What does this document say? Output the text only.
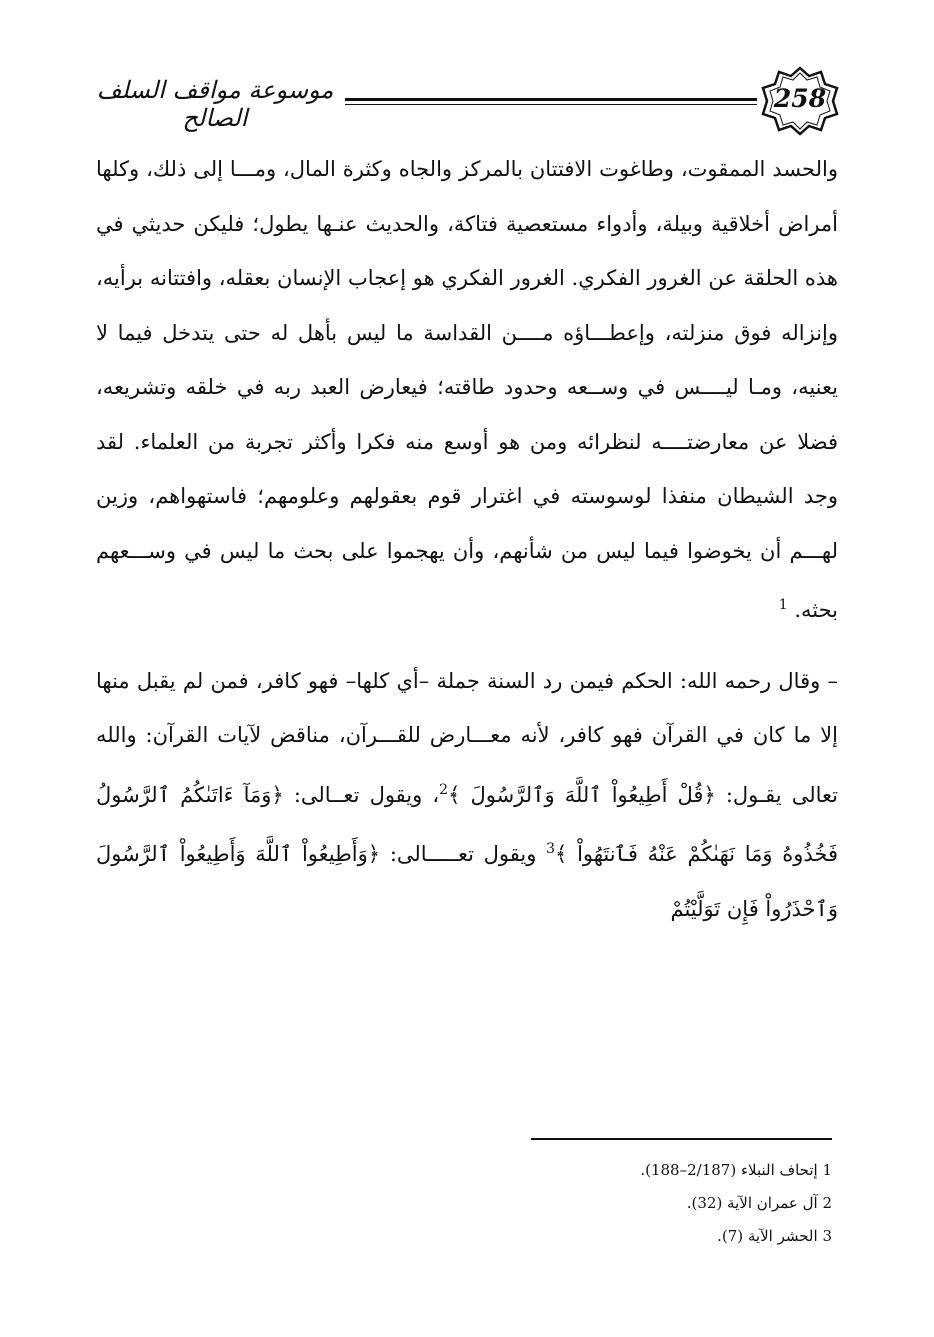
موسوعة مواقف السلف الصالح
258

والحسد الممقوت، وطاغوت الافتتان بالمركز والجاه وكثرة المال، ومـــا إلى ذلك، وكلها أمراض أخلاقية وبيلة، وأدواء مستعصية فتاكة، والحديث عنـها يطول؛ فليكن حديثي في هذه الحلقة عن الغرور الفكري. الغرور الفكري هو إعجاب الإنسان بعقله، وافتتانه برأيه، وإنزاله فوق منزلته، وإعطـــاؤه مــــن القداسة ما ليس بأهل له حتى يتدخل فيما لا يعنيه، ومـا ليــــس في وســعه وحدود طاقته؛ فيعارض العبد ربه في خلقه وتشريعه، فضلا عن معارضتــــه لنظرائه ومن هو أوسع منه فكرا وأكثر تجربة من العلماء. لقد وجد الشيطان منفذا لوسوسته في اغترار قوم بعقولهم وعلومهم؛ فاستهواهم، وزين لهـــم أن يخوضوا فيما ليس من شأنهم، وأن يهجموا على بحث ما ليس في وســـعهم بحثه. $^1$

– وقال رحمه الله: الحكم فيمن رد السنة جملة –أي كلها– فهو كافر، فمن لم يقبل منها إلا ما كان في القرآن فهو كافر، لأنه معـــارض للقـــرآن، مناقض لآيات القرآن: والله تعالى يقـول: ﴿قُلْ أَطِيعُواْ ٱللَّهَ وَٱلرَّسُولَ ﴾$^2$، ويقول تعــالى: ﴿وَمَآ ءَاتَىٰكُمُ ٱلرَّسُولُ فَخُذُوهُ وَمَا نَهَىٰكُمْ عَنْهُ فَٱنتَهُواْ ﴾$^3$ ويقول تعـــــالى: ﴿وَأَطِيعُواْ ٱللَّهَ وَأَطِيعُواْ ٱلرَّسُولَ وَٱحْذَرُواْ فَإِن تَوَلَّيْتُمْ

1 إتحاف النبلاء (2/187–188).
2 آل عمران الآية (32).
3 الحشر الآية (7).
